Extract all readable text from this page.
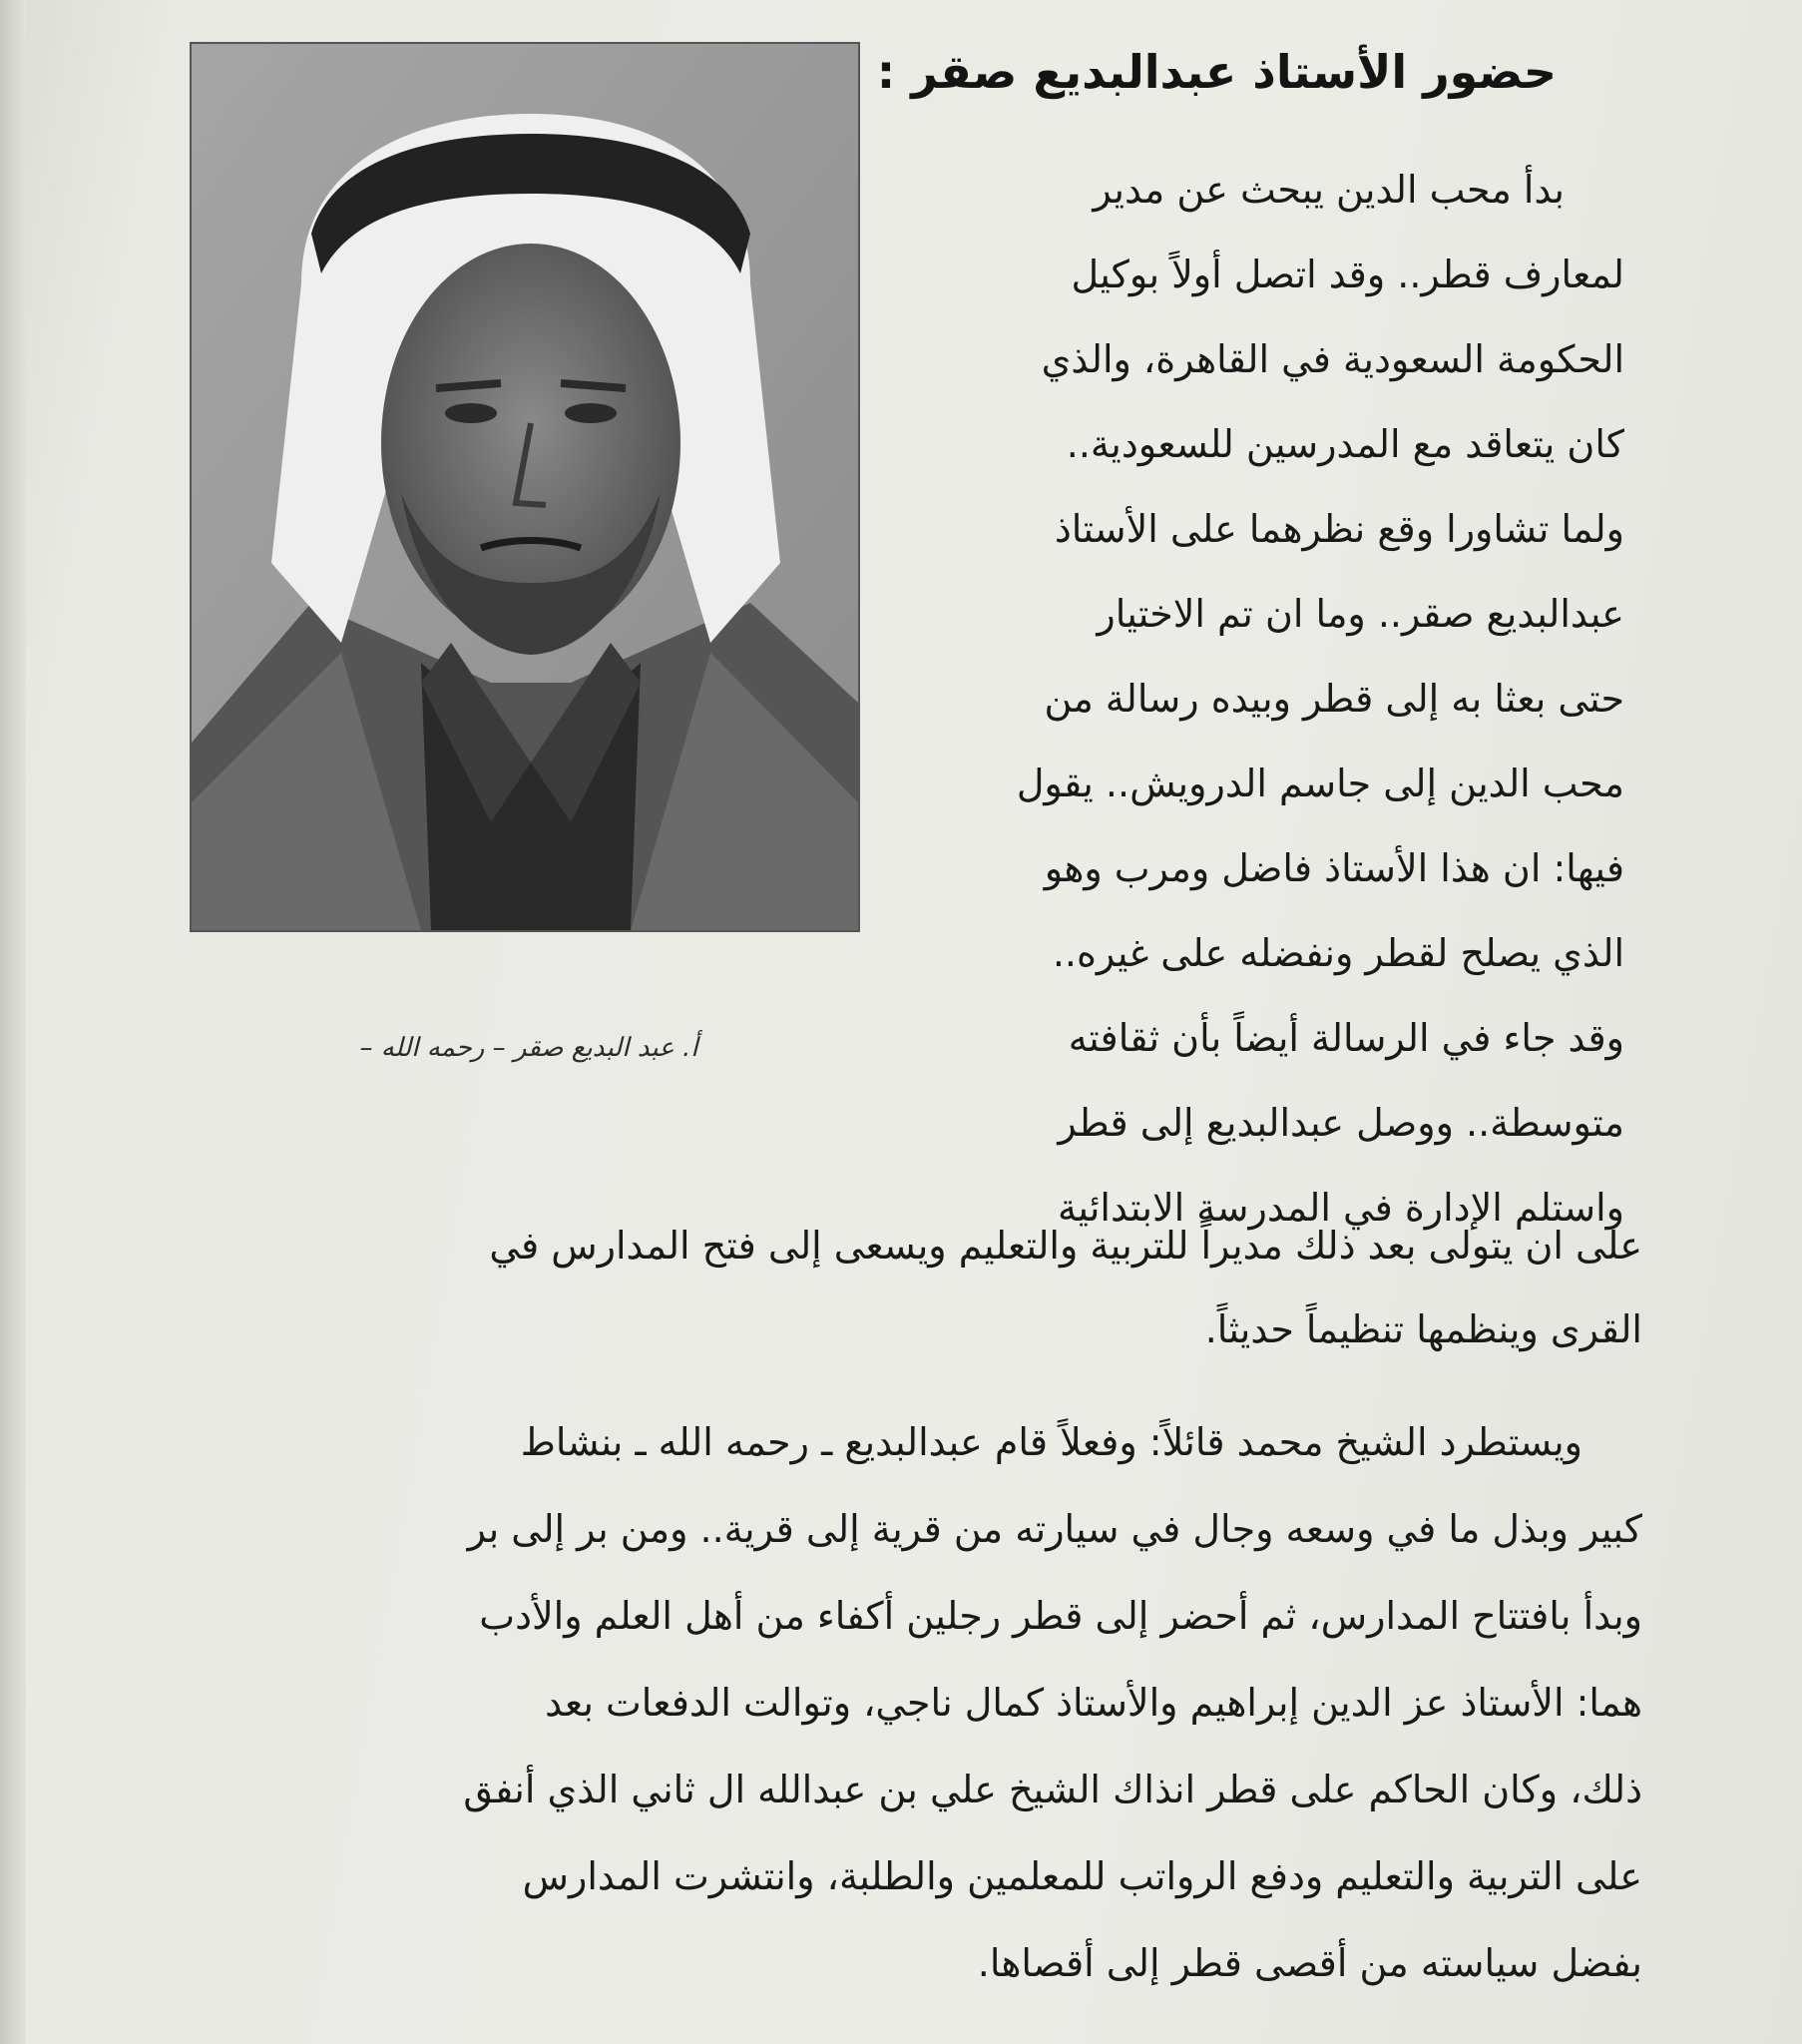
حضور الأستاذ عبدالبديع صقر :
أ. عبد البديع صقر – رحمه الله –
بدأ محب الدين يبحث عن مدير
لمعارف قطر.. وقد اتصل أولاً بوكيل
الحكومة السعودية في القاهرة، والذي
كان يتعاقد مع المدرسين للسعودية..
ولما تشاورا وقع نظرهما على الأستاذ
عبدالبديع صقر.. وما ان تم الاختيار
حتى بعثا به إلى قطر وبيده رسالة من
محب الدين إلى جاسم الدرويش.. يقول
فيها: ان هذا الأستاذ فاضل ومرب وهو
الذي يصلح لقطر ونفضله على غيره..
وقد جاء في الرسالة أيضاً بأن ثقافته
متوسطة.. ووصل عبدالبديع إلى قطر
واستلم الإدارة في المدرسة الابتدائية
على ان يتولى بعد ذلك مديراً للتربية والتعليم ويسعى إلى فتح المدارس في
القرى وينظمها تنظيماً حديثاً.
ويستطرد الشيخ محمد قائلاً: وفعلاً قام عبدالبديع ـ رحمه الله ـ بنشاط
كبير وبذل ما في وسعه وجال في سيارته من قرية إلى قرية.. ومن بر إلى بر
وبدأ بافتتاح المدارس، ثم أحضر إلى قطر رجلين أكفاء من أهل العلم والأدب
هما: الأستاذ عز الدين إبراهيم والأستاذ كمال ناجي، وتوالت الدفعات بعد
ذلك، وكان الحاكم على قطر انذاك الشيخ علي بن عبدالله ال ثاني الذي أنفق
على التربية والتعليم ودفع الرواتب للمعلمين والطلبة، وانتشرت المدارس
بفضل سياسته من أقصى قطر إلى أقصاها.
